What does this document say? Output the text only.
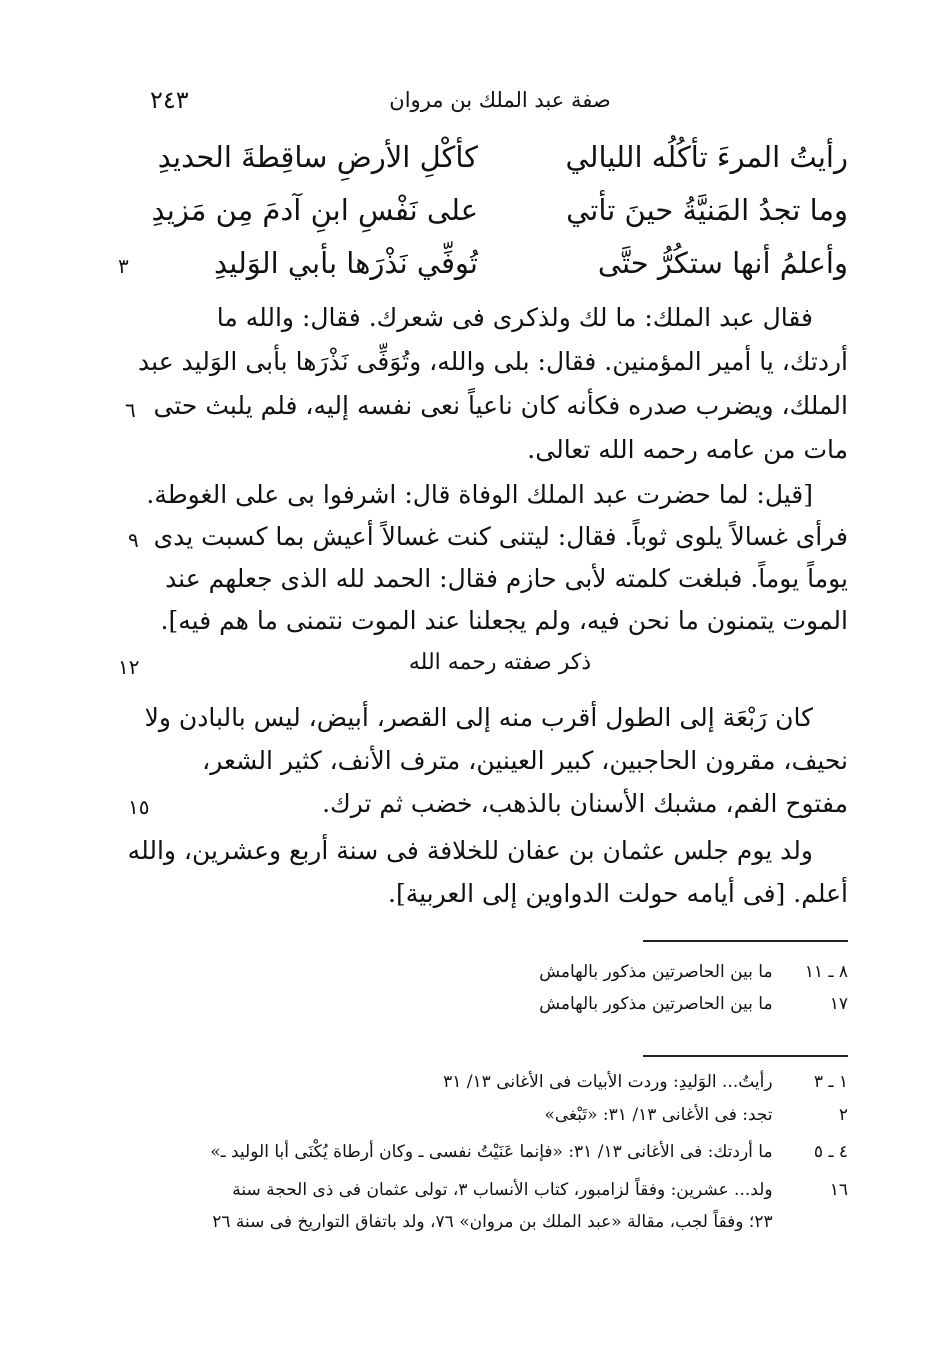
٢٤٣	صفة عبد الملك بن مروان
رأيتُ المرءَ تأكُلُه الليالي
كأكْلِ الأرضِ ساقِطةَ الحديدِ
وما تجدُ المَنيَّةُ حينَ تأتي
على نَفْسِ ابنِ آدمَ مِن مَزيدِ
وأعلمُ أنها ستكُرُّ حتَّى
تُوفِّي نَذْرَها بأبي الوَليدِ
٣
فقال عبد الملك: ما لك ولذكرى فى شعرك. فقال: والله ما
أردتك، يا أمير المؤمنين. فقال: بلى والله، وتُوَفِّى نَذْرَها بأبى الوَليد عبد
الملك، ويضرب صدره فكأنه كان ناعياً نعى نفسه إليه، فلم يلبث حتى
٦
مات من عامه رحمه الله تعالى.
[قيل: لما حضرت عبد الملك الوفاة قال: اشرفوا بى على الغوطة.
فرأى غسالاً يلوى ثوباً. فقال: ليتنى كنت غسالاً أعيش بما كسبت يدى
٩
يوماً يوماً. فبلغت كلمته لأبى حازم فقال: الحمد لله الذى جعلهم عند
الموت يتمنون ما نحن فيه، ولم يجعلنا عند الموت نتمنى ما هم فيه].
ذكر صفته رحمه الله
١٢
كان رَبْعَة إلى الطول أقرب منه إلى القصر، أبيض، ليس بالبادن ولا
نحيف، مقرون الحاجبين، كبير العينين، مترف الأنف، كثير الشعر،
مفتوح الفم، مشبك الأسنان بالذهب، خضب ثم ترك.
١٥
ولد يوم جلس عثمان بن عفان للخلافة فى سنة أربع وعشرين، والله
أعلم. [فى أيامه حولت الدواوين إلى العربية].
٨ ـ ١١ ما بين الحاصرتين مذكور بالهامش
١٧ ما بين الحاصرتين مذكور بالهامش
١ ـ ٣ رأيتُ... الوَليدِ: وردت الأبيات فى الأغانى ١٣/ ٣١
٢ تجد: فى الأغانى ١٣/ ٣١: «تَبْغى»
٤ ـ ٥ ما أردتك: فى الأغانى ١٣/ ٣١: «فإنما عَنَيْتُ نفسى ـ وكان أرطاة يُكْنَى أبا الوليد ـ»
١٦ ولد... عشرين: وفقاً لزامبور، كتاب الأنساب ٣، تولى عثمان فى ذى الحجة سنة
٢٣؛ وفقاً لجب، مقالة «عبد الملك بن مروان» ٧٦، ولد باتفاق التواريخ فى سنة ٢٦
